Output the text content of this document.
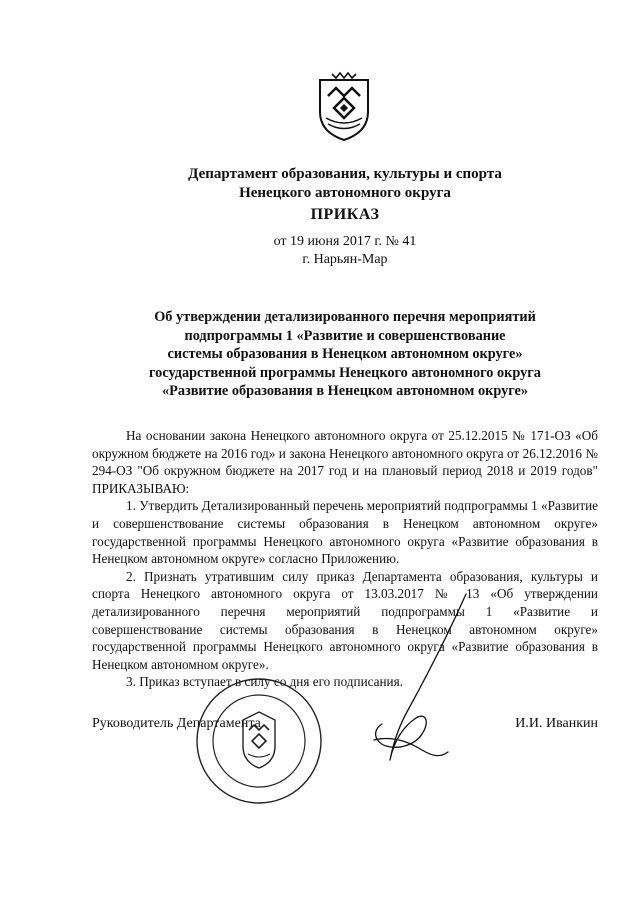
Департамент образования, культуры и спорта
Ненецкого автономного округа
ПРИКАЗ
от 19 июня 2017 г. № 41
г. Нарьян-Мар
Об утверждении детализированного перечня мероприятий
подпрограммы 1 «Развитие и совершенствование
системы образования в Ненецком автономном округе»
государственной программы Ненецкого автономного округа
«Развитие образования в Ненецком автономном округе»

На основании закона Ненецкого автономного округа от 25.12.2015 № 171-ОЗ «Об окружном бюджете на 2016 год» и закона Ненецкого автономного округа от 26.12.2016 № 294-ОЗ "Об окружном бюджете на 2017 год и на плановый период 2018 и 2019 годов" ПРИКАЗЫВАЮ:

1. Утвердить Детализированный перечень мероприятий подпрограммы 1 «Развитие и совершенствование системы образования в Ненецком автономном округе» государственной программы Ненецкого автономного округа «Развитие образования в Ненецком автономном округе» согласно Приложению.

2. Признать утратившим силу приказ Департамента образования, культуры и спорта Ненецкого автономного округа от 13.03.2017 № 13 «Об утверждении детализированного перечня мероприятий подпрограммы 1 «Развитие и совершенствование системы образования в Ненецком автономном округе» государственной программы Ненецкого автономного округа «Развитие образования в Ненецком автономном округе».

3. Приказ вступает в силу со дня его подписания.

Руководитель Департамента	И.И. Иванкин
